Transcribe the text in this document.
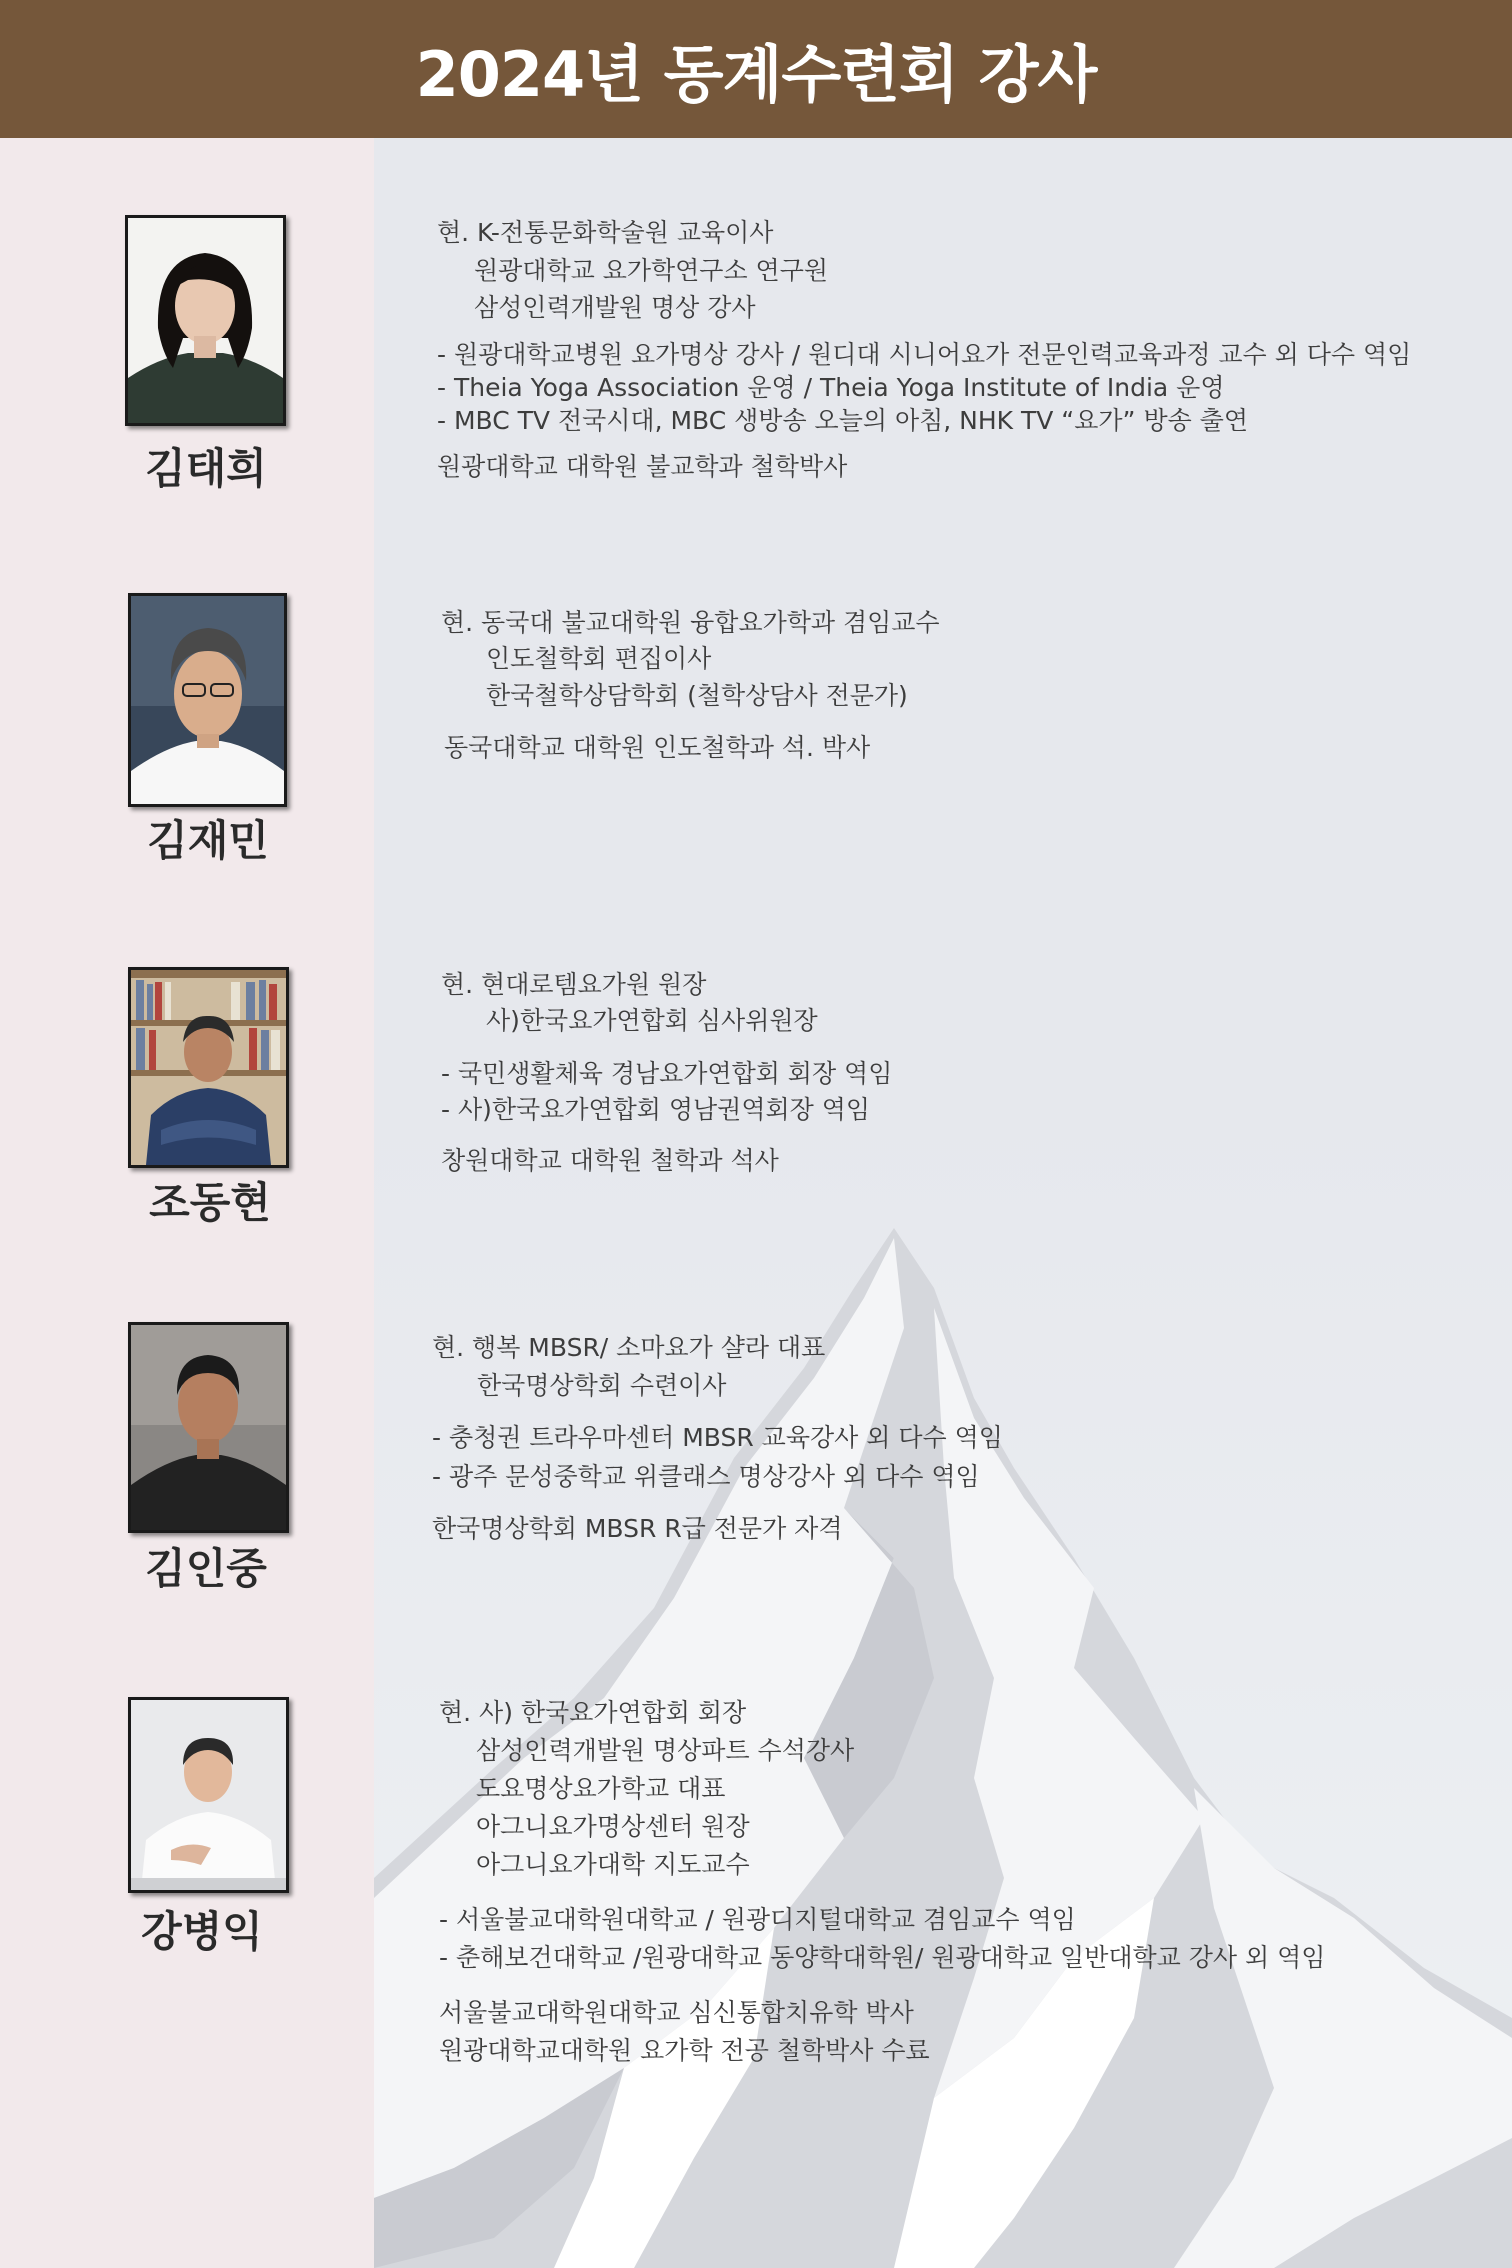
2024년 동계수련회 강사
김태희
현. K-전통문화학술원 교육이사
원광대학교 요가학연구소 연구원
삼성인력개발원 명상 강사
- 원광대학교병원 요가명상 강사 / 원디대 시니어요가 전문인력교육과정 교수 외 다수 역임
- Theia Yoga Association 운영 / Theia Yoga Institute of India 운영
- MBC TV 전국시대, MBC 생방송 오늘의 아침, NHK TV “요가” 방송 출연
원광대학교 대학원 불교학과 철학박사
김재민
현. 동국대 불교대학원 융합요가학과 겸임교수
인도철학회 편집이사
한국철학상담학회 (철학상담사 전문가)
동국대학교 대학원 인도철학과 석. 박사
조동현
현. 현대로템요가원 원장
사)한국요가연합회 심사위원장
- 국민생활체육 경남요가연합회 회장 역임
- 사)한국요가연합회 영남권역회장 역임
창원대학교 대학원 철학과 석사
김인중
현. 행복 MBSR/ 소마요가 샬라 대표
한국명상학회 수련이사
- 충청권 트라우마센터 MBSR 교육강사 외 다수 역임
- 광주 문성중학교 위클래스 명상강사 외 다수 역임
한국명상학회 MBSR R급 전문가 자격
강병익
현. 사) 한국요가연합회 회장
삼성인력개발원 명상파트 수석강사
도요명상요가학교 대표
아그니요가명상센터 원장
아그니요가대학 지도교수
- 서울불교대학원대학교 / 원광디지털대학교 겸임교수 역임
- 춘해보건대학교 /원광대학교 동양학대학원/ 원광대학교 일반대학교 강사 외 역임
서울불교대학원대학교 심신통합치유학 박사
원광대학교대학원 요가학 전공 철학박사 수료
